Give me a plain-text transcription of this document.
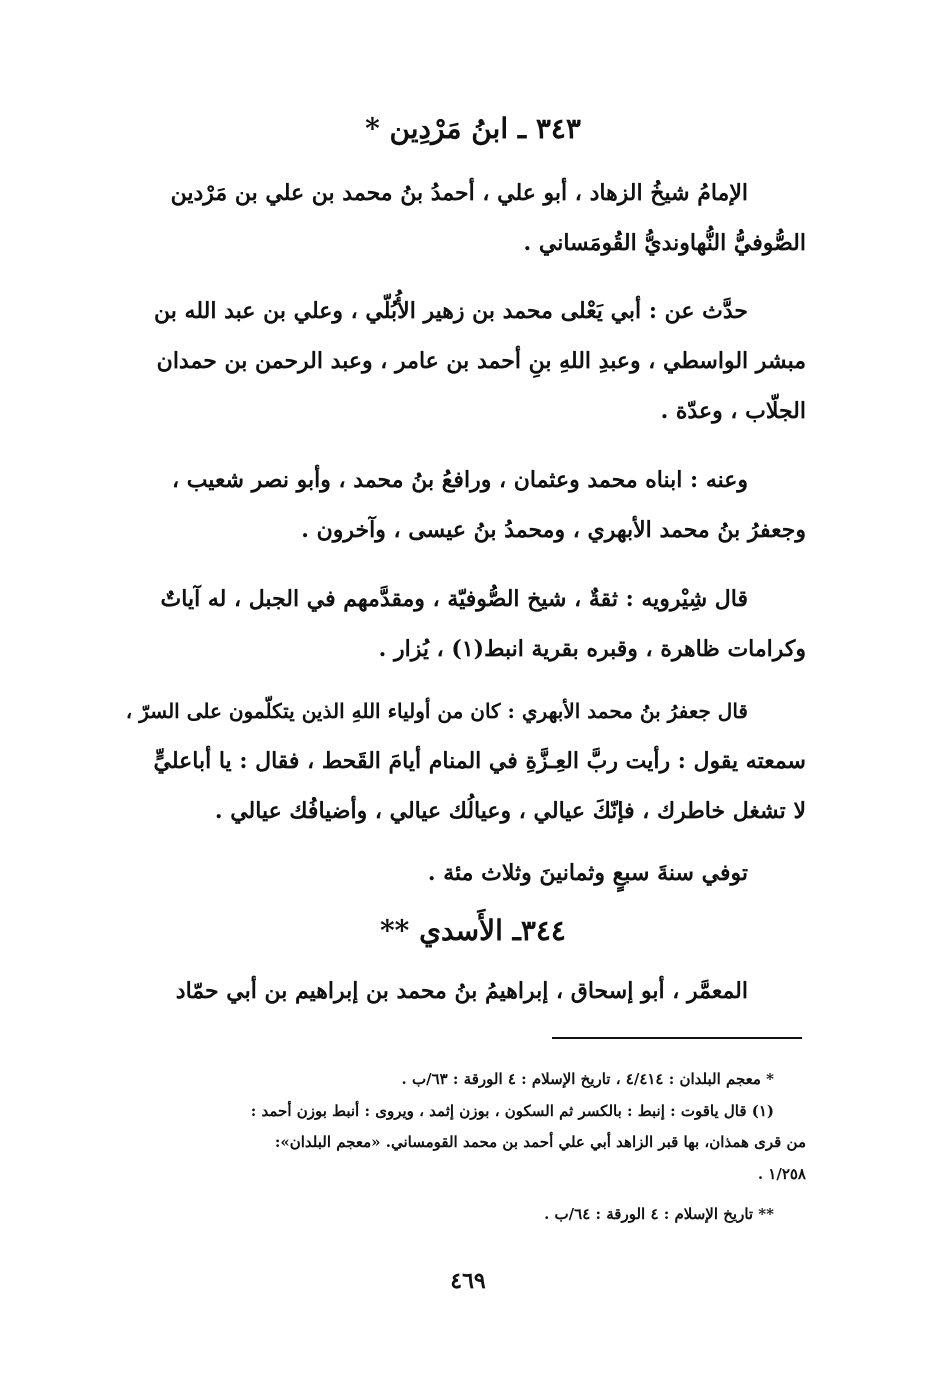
٣٤٣ ـ ابنُ مَرْدِين *
الإمامُ شيخُ الزهاد ، أبو علي ، أحمدُ بنُ محمد بن علي بن مَرْدين
الصُّوفيُّ النُّهاونديُّ القُومَساني .
حدَّث عن : أبي يَعْلى محمد بن زهير الأُبُلّي ، وعلي بن عبد الله بن
مبشر الواسطي ، وعبدِ اللهِ بنِ أحمد بن عامر ، وعبد الرحمن بن حمدان
الجلّاب ، وعدّة .
وعنه : ابناه محمد وعثمان ، ورافعُ بنُ محمد ، وأبو نصر شعيب ،
وجعفرُ بنُ محمد الأبهري ، ومحمدُ بنُ عيسى ، وآخرون .
قال شِيْرويه : ثقةٌ ، شيخ الصُّوفيّة ، ومقدَّمهم في الجبل ، له آياتٌ
وكرامات ظاهرة ، وقبره بقرية انبط(١) ، يُزار .
قال جعفرُ بنُ محمد الأبهري : كان من أولياء اللهِ الذين يتكلّمون على السرّ ،
سمعته يقول : رأيت ربَّ العِـزَّةِ في المنام أيامَ القَحط ، فقال : يا أباعليٍّ
لا تشغل خاطرك ، فإنّكَ عيالي ، وعيالُك عيالي ، وأضيافُك عيالي .
توفي سنةَ سبعٍ وثمانينَ وثلاث مئة .
٣٤٤ـ الأَسدي **
المعمَّر ، أبو إسحاق ، إبراهيمُ بنُ محمد بن إبراهيم بن أبي حمّاد
* معجم البلدان : ٤/٤١٤ ، تاريخ الإسلام : ٤ الورقة : ٦٣/ب .
(١) قال ياقوت : إنبط : بالكسر ثم السكون ، بوزن إثمد ، ويروى : أنبط بوزن أحمد :
من قرى همذان، بها قبر الزاهد أبي علي أحمد بن محمد القومساني. «معجم البلدان»:
١/٢٥٨ .
** تاريخ الإسلام : ٤ الورقة : ٦٤/ب .
٤٦٩
